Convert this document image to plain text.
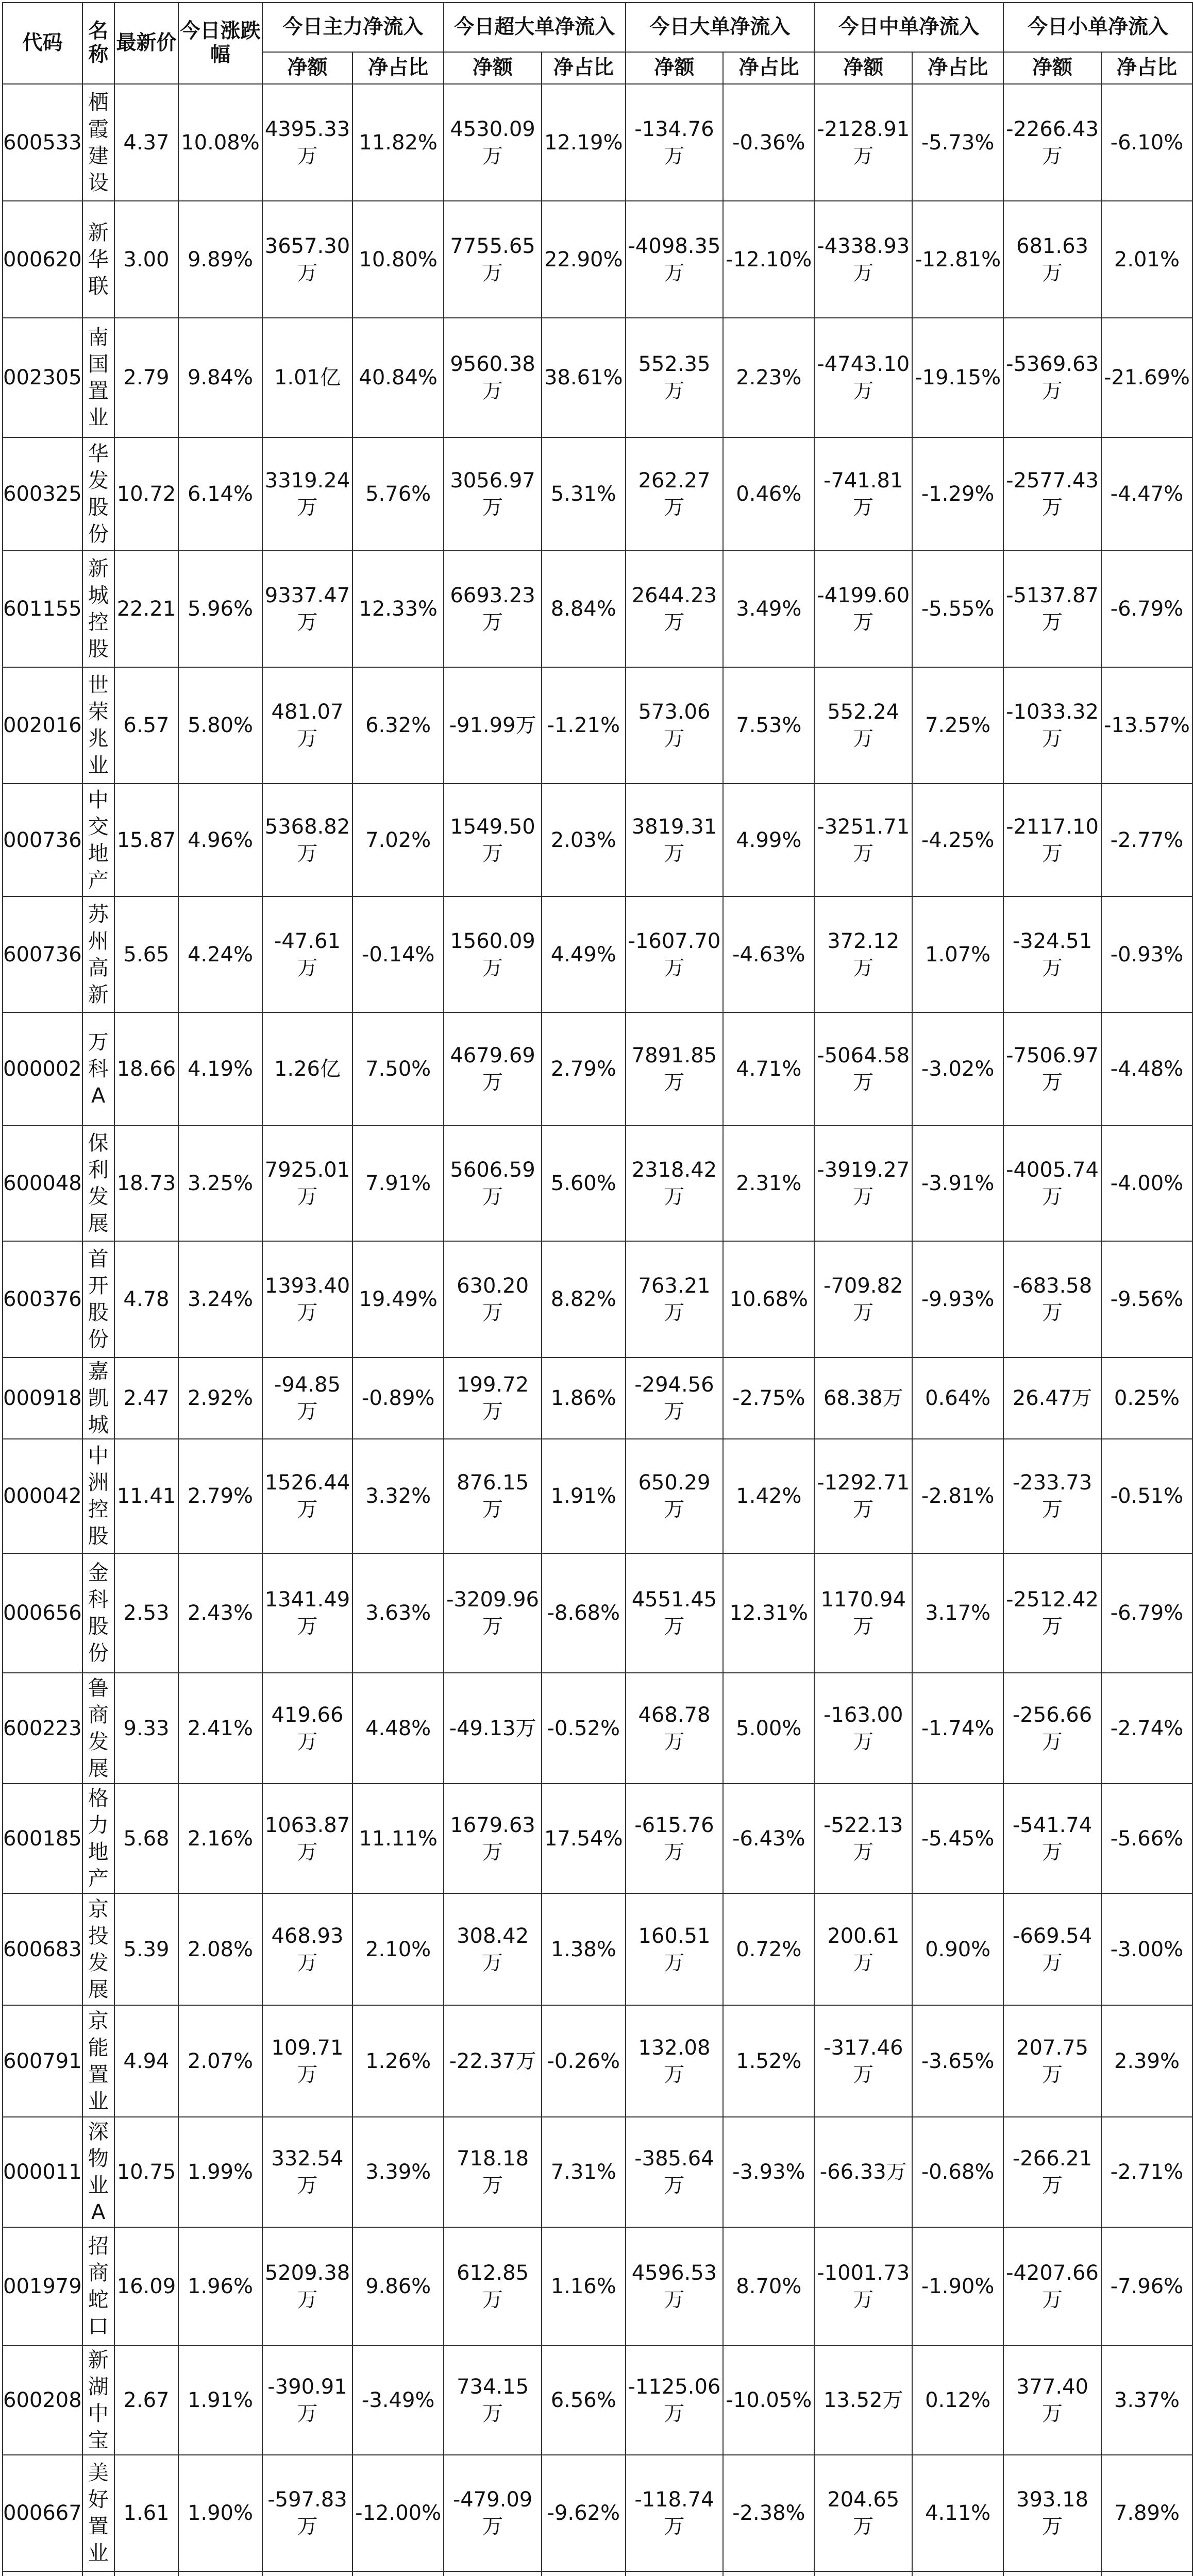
代码	名称	最新价	今日涨跌幅	今日主力净流入		今日超大单净流入		今日大单净流入		今日中单净流入		今日小单净流入	
				净额	净占比	净额	净占比	净额	净占比	净额	净占比	净额	净占比
600533	栖霞建设	4.37	10.08%	4395.33万	11.82%	4530.09万	12.19%	-134.76万	-0.36%	-2128.91万	-5.73%	-2266.43万	-6.10%
000620	新华联	3.00	9.89%	3657.30万	10.80%	7755.65万	22.90%	-4098.35万	-12.10%	-4338.93万	-12.81%	681.63万	2.01%
002305	南国置业	2.79	9.84%	1.01亿	40.84%	9560.38万	38.61%	552.35万	2.23%	-4743.10万	-19.15%	-5369.63万	-21.69%
600325	华发股份	10.72	6.14%	3319.24万	5.76%	3056.97万	5.31%	262.27万	0.46%	-741.81万	-1.29%	-2577.43万	-4.47%
601155	新城控股	22.21	5.96%	9337.47万	12.33%	6693.23万	8.84%	2644.23万	3.49%	-4199.60万	-5.55%	-5137.87万	-6.79%
002016	世荣兆业	6.57	5.80%	481.07万	6.32%	-91.99万	-1.21%	573.06万	7.53%	552.24万	7.25%	-1033.32万	-13.57%
000736	中交地产	15.87	4.96%	5368.82万	7.02%	1549.50万	2.03%	3819.31万	4.99%	-3251.71万	-4.25%	-2117.10万	-2.77%
600736	苏州高新	5.65	4.24%	-47.61万	-0.14%	1560.09万	4.49%	-1607.70万	-4.63%	372.12万	1.07%	-324.51万	-0.93%
000002	万科A	18.66	4.19%	1.26亿	7.50%	4679.69万	2.79%	7891.85万	4.71%	-5064.58万	-3.02%	-7506.97万	-4.48%
600048	保利发展	18.73	3.25%	7925.01万	7.91%	5606.59万	5.60%	2318.42万	2.31%	-3919.27万	-3.91%	-4005.74万	-4.00%
600376	首开股份	4.78	3.24%	1393.40万	19.49%	630.20万	8.82%	763.21万	10.68%	-709.82万	-9.93%	-683.58万	-9.56%
000918	嘉凯城	2.47	2.92%	-94.85万	-0.89%	199.72万	1.86%	-294.56万	-2.75%	68.38万	0.64%	26.47万	0.25%
000042	中洲控股	11.41	2.79%	1526.44万	3.32%	876.15万	1.91%	650.29万	1.42%	-1292.71万	-2.81%	-233.73万	-0.51%
000656	金科股份	2.53	2.43%	1341.49万	3.63%	-3209.96万	-8.68%	4551.45万	12.31%	1170.94万	3.17%	-2512.42万	-6.79%
600223	鲁商发展	9.33	2.41%	419.66万	4.48%	-49.13万	-0.52%	468.78万	5.00%	-163.00万	-1.74%	-256.66万	-2.74%
600185	格力地产	5.68	2.16%	1063.87万	11.11%	1679.63万	17.54%	-615.76万	-6.43%	-522.13万	-5.45%	-541.74万	-5.66%
600683	京投发展	5.39	2.08%	468.93万	2.10%	308.42万	1.38%	160.51万	0.72%	200.61万	0.90%	-669.54万	-3.00%
600791	京能置业	4.94	2.07%	109.71万	1.26%	-22.37万	-0.26%	132.08万	1.52%	-317.46万	-3.65%	207.75万	2.39%
000011	深物业A	10.75	1.99%	332.54万	3.39%	718.18万	7.31%	-385.64万	-3.93%	-66.33万	-0.68%	-266.21万	-2.71%
001979	招商蛇口	16.09	1.96%	5209.38万	9.86%	612.85万	1.16%	4596.53万	8.70%	-1001.73万	-1.90%	-4207.66万	-7.96%
600208	新湖中宝	2.67	1.91%	-390.91万	-3.49%	734.15万	6.56%	-1125.06万	-10.05%	13.52万	0.12%	377.40万	3.37%
000667	美好置业	1.61	1.90%	-597.83万	-12.00%	-479.09万	-9.62%	-118.74万	-2.38%	204.65万	4.11%	393.18万	7.89%
